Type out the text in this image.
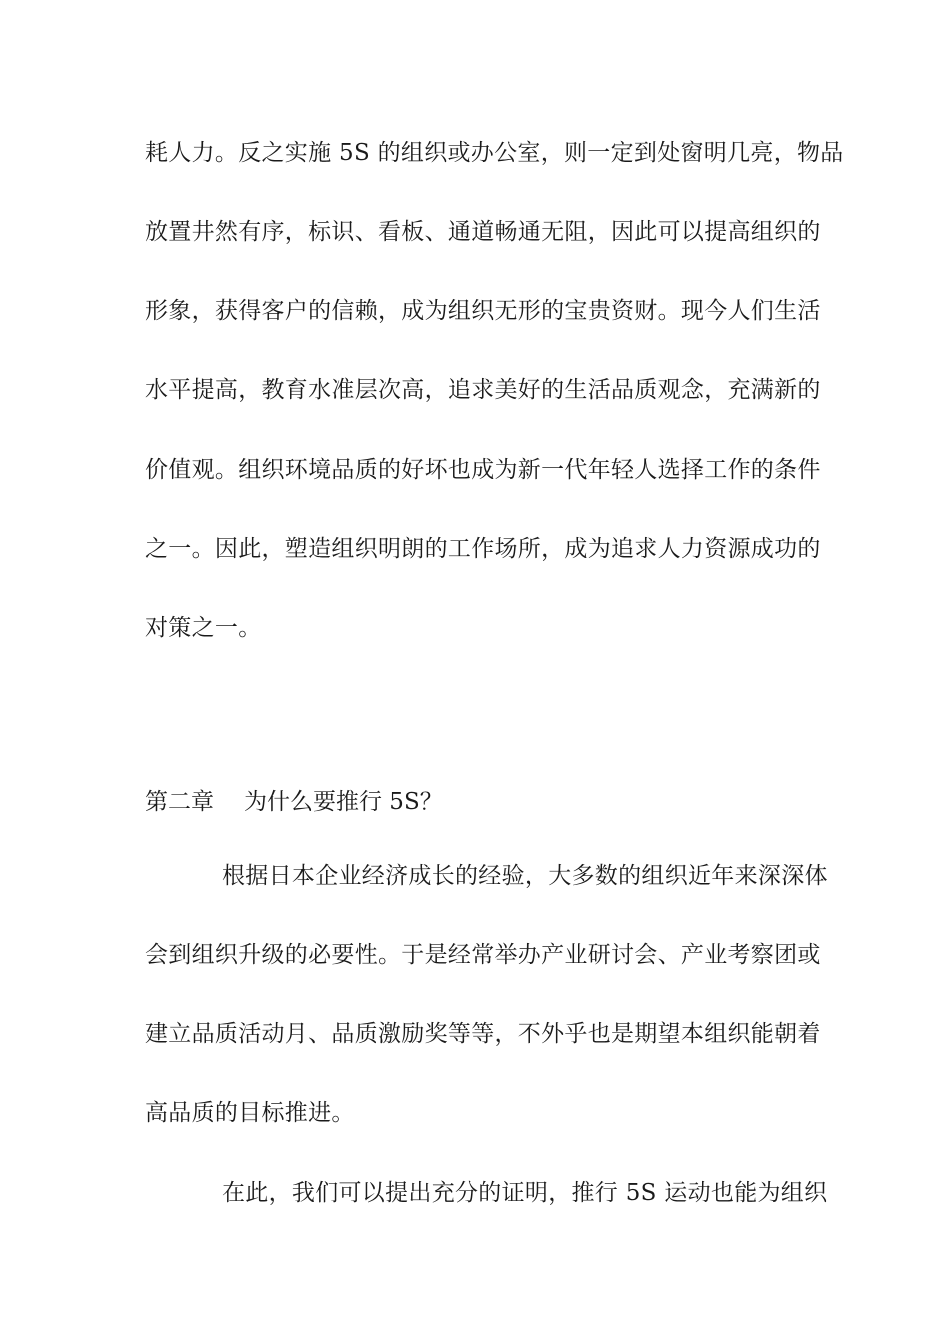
耗人力。反之实施 5S 的组织或办公室，则一定到处窗明几亮，物品
放置井然有序，标识、看板、通道畅通无阻，因此可以提高组织的
形象，获得客户的信赖，成为组织无形的宝贵资财。现今人们生活
水平提高，教育水准层次高，追求美好的生活品质观念，充满新的
价值观。组织环境品质的好坏也成为新一代年轻人选择工作的条件
之一。因此，塑造组织明朗的工作场所，成为追求人力资源成功的
对策之一。
第二章 为什么要推行 5S？
根据日本企业经济成长的经验，大多数的组织近年来深深体
会到组织升级的必要性。于是经常举办产业研讨会、产业考察团或
建立品质活动月、品质激励奖等等，不外乎也是期望本组织能朝着
高品质的目标推进。
在此，我们可以提出充分的证明，推行 5S 运动也能为组织
